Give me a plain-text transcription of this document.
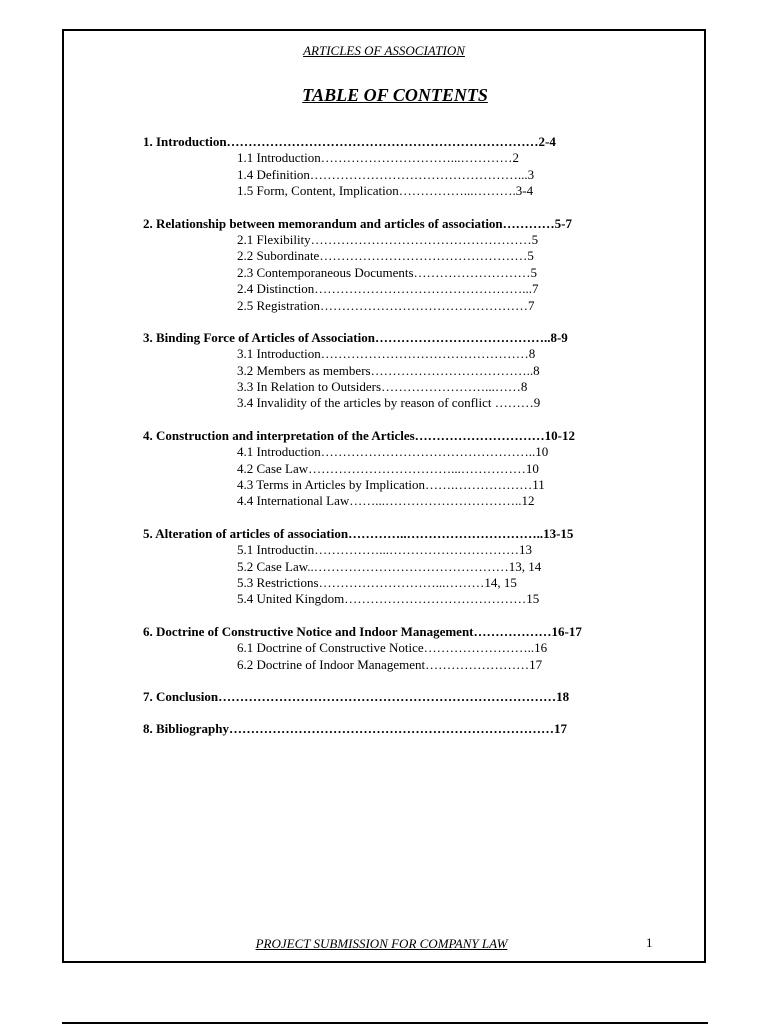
ARTICLES OF ASSOCIATION
TABLE OF CONTENTS
1. Introduction………………………………………………………………2-4
1.1 Introduction…………………………...…………2
1.4 Definition…………………………………………...3
1.5 Form, Content, Implication……………...……….3-4
2. Relationship between memorandum and articles of association…………5-7
2.1 Flexibility……………………………………………5
2.2 Subordinate…………………………………………5
2.3 Contemporaneous Documents………………………5
2.4 Distinction…………………………………………...7
2.5 Registration…………………………………………7
3. Binding Force of Articles of Association…………………………………..8-9
3.1 Introduction…………………………………………8
3.2 Members as members………………………………..8
3.3 In Relation to Outsiders……………………...……8
3.4 Invalidity of the articles by reason of conflict ………9
4. Construction and interpretation of the Articles…………………………10-12
4.1 Introduction…………………………………………..10
4.2 Case Law……………………………...……………10
4.3 Terms in Articles by Implication…….………………11
4.4 International Law……...…………………………..12
5. Alteration of articles of association…………..…………………………..13-15
5.1 Introductin……………...…………………………13
5.2 Case Law..………………………………………13, 14
5.3 Restrictions………………………...………14, 15
5.4 United Kingdom……………………………………15
6. Doctrine of Constructive Notice and Indoor Management………………16-17
6.1 Doctrine of Constructive Notice……………………..16
6.2 Doctrine of Indoor Management……………………17
7. Conclusion……………………………………………………………………18
8. Bibliography…………………………………………………………………17
PROJECT SUBMISSION FOR COMPANY LAW	1
